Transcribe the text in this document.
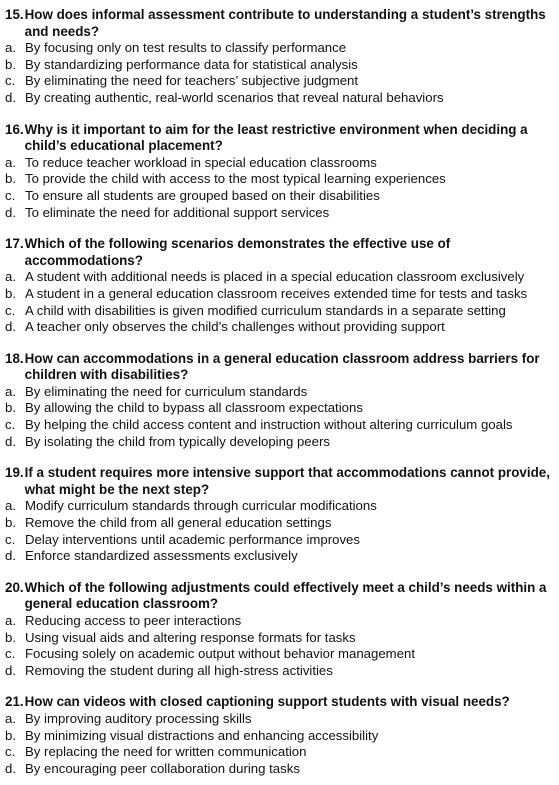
15. How does informal assessment contribute to understanding a student’s strengths and needs?
a. By focusing only on test results to classify performance
b. By standardizing performance data for statistical analysis
c. By eliminating the need for teachers’ subjective judgment
d. By creating authentic, real-world scenarios that reveal natural behaviors
16. Why is it important to aim for the least restrictive environment when deciding a child’s educational placement?
a. To reduce teacher workload in special education classrooms
b. To provide the child with access to the most typical learning experiences
c. To ensure all students are grouped based on their disabilities
d. To eliminate the need for additional support services
17. Which of the following scenarios demonstrates the effective use of accommodations?
a. A student with additional needs is placed in a special education classroom exclusively
b. A student in a general education classroom receives extended time for tests and tasks
c. A child with disabilities is given modified curriculum standards in a separate setting
d. A teacher only observes the child’s challenges without providing support
18. How can accommodations in a general education classroom address barriers for children with disabilities?
a. By eliminating the need for curriculum standards
b. By allowing the child to bypass all classroom expectations
c. By helping the child access content and instruction without altering curriculum goals
d. By isolating the child from typically developing peers
19. If a student requires more intensive support that accommodations cannot provide, what might be the next step?
a. Modify curriculum standards through curricular modifications
b. Remove the child from all general education settings
c. Delay interventions until academic performance improves
d. Enforce standardized assessments exclusively
20. Which of the following adjustments could effectively meet a child’s needs within a general education classroom?
a. Reducing access to peer interactions
b. Using visual aids and altering response formats for tasks
c. Focusing solely on academic output without behavior management
d. Removing the student during all high-stress activities
21. How can videos with closed captioning support students with visual needs?
a. By improving auditory processing skills
b. By minimizing visual distractions and enhancing accessibility
c. By replacing the need for written communication
d. By encouraging peer collaboration during tasks
